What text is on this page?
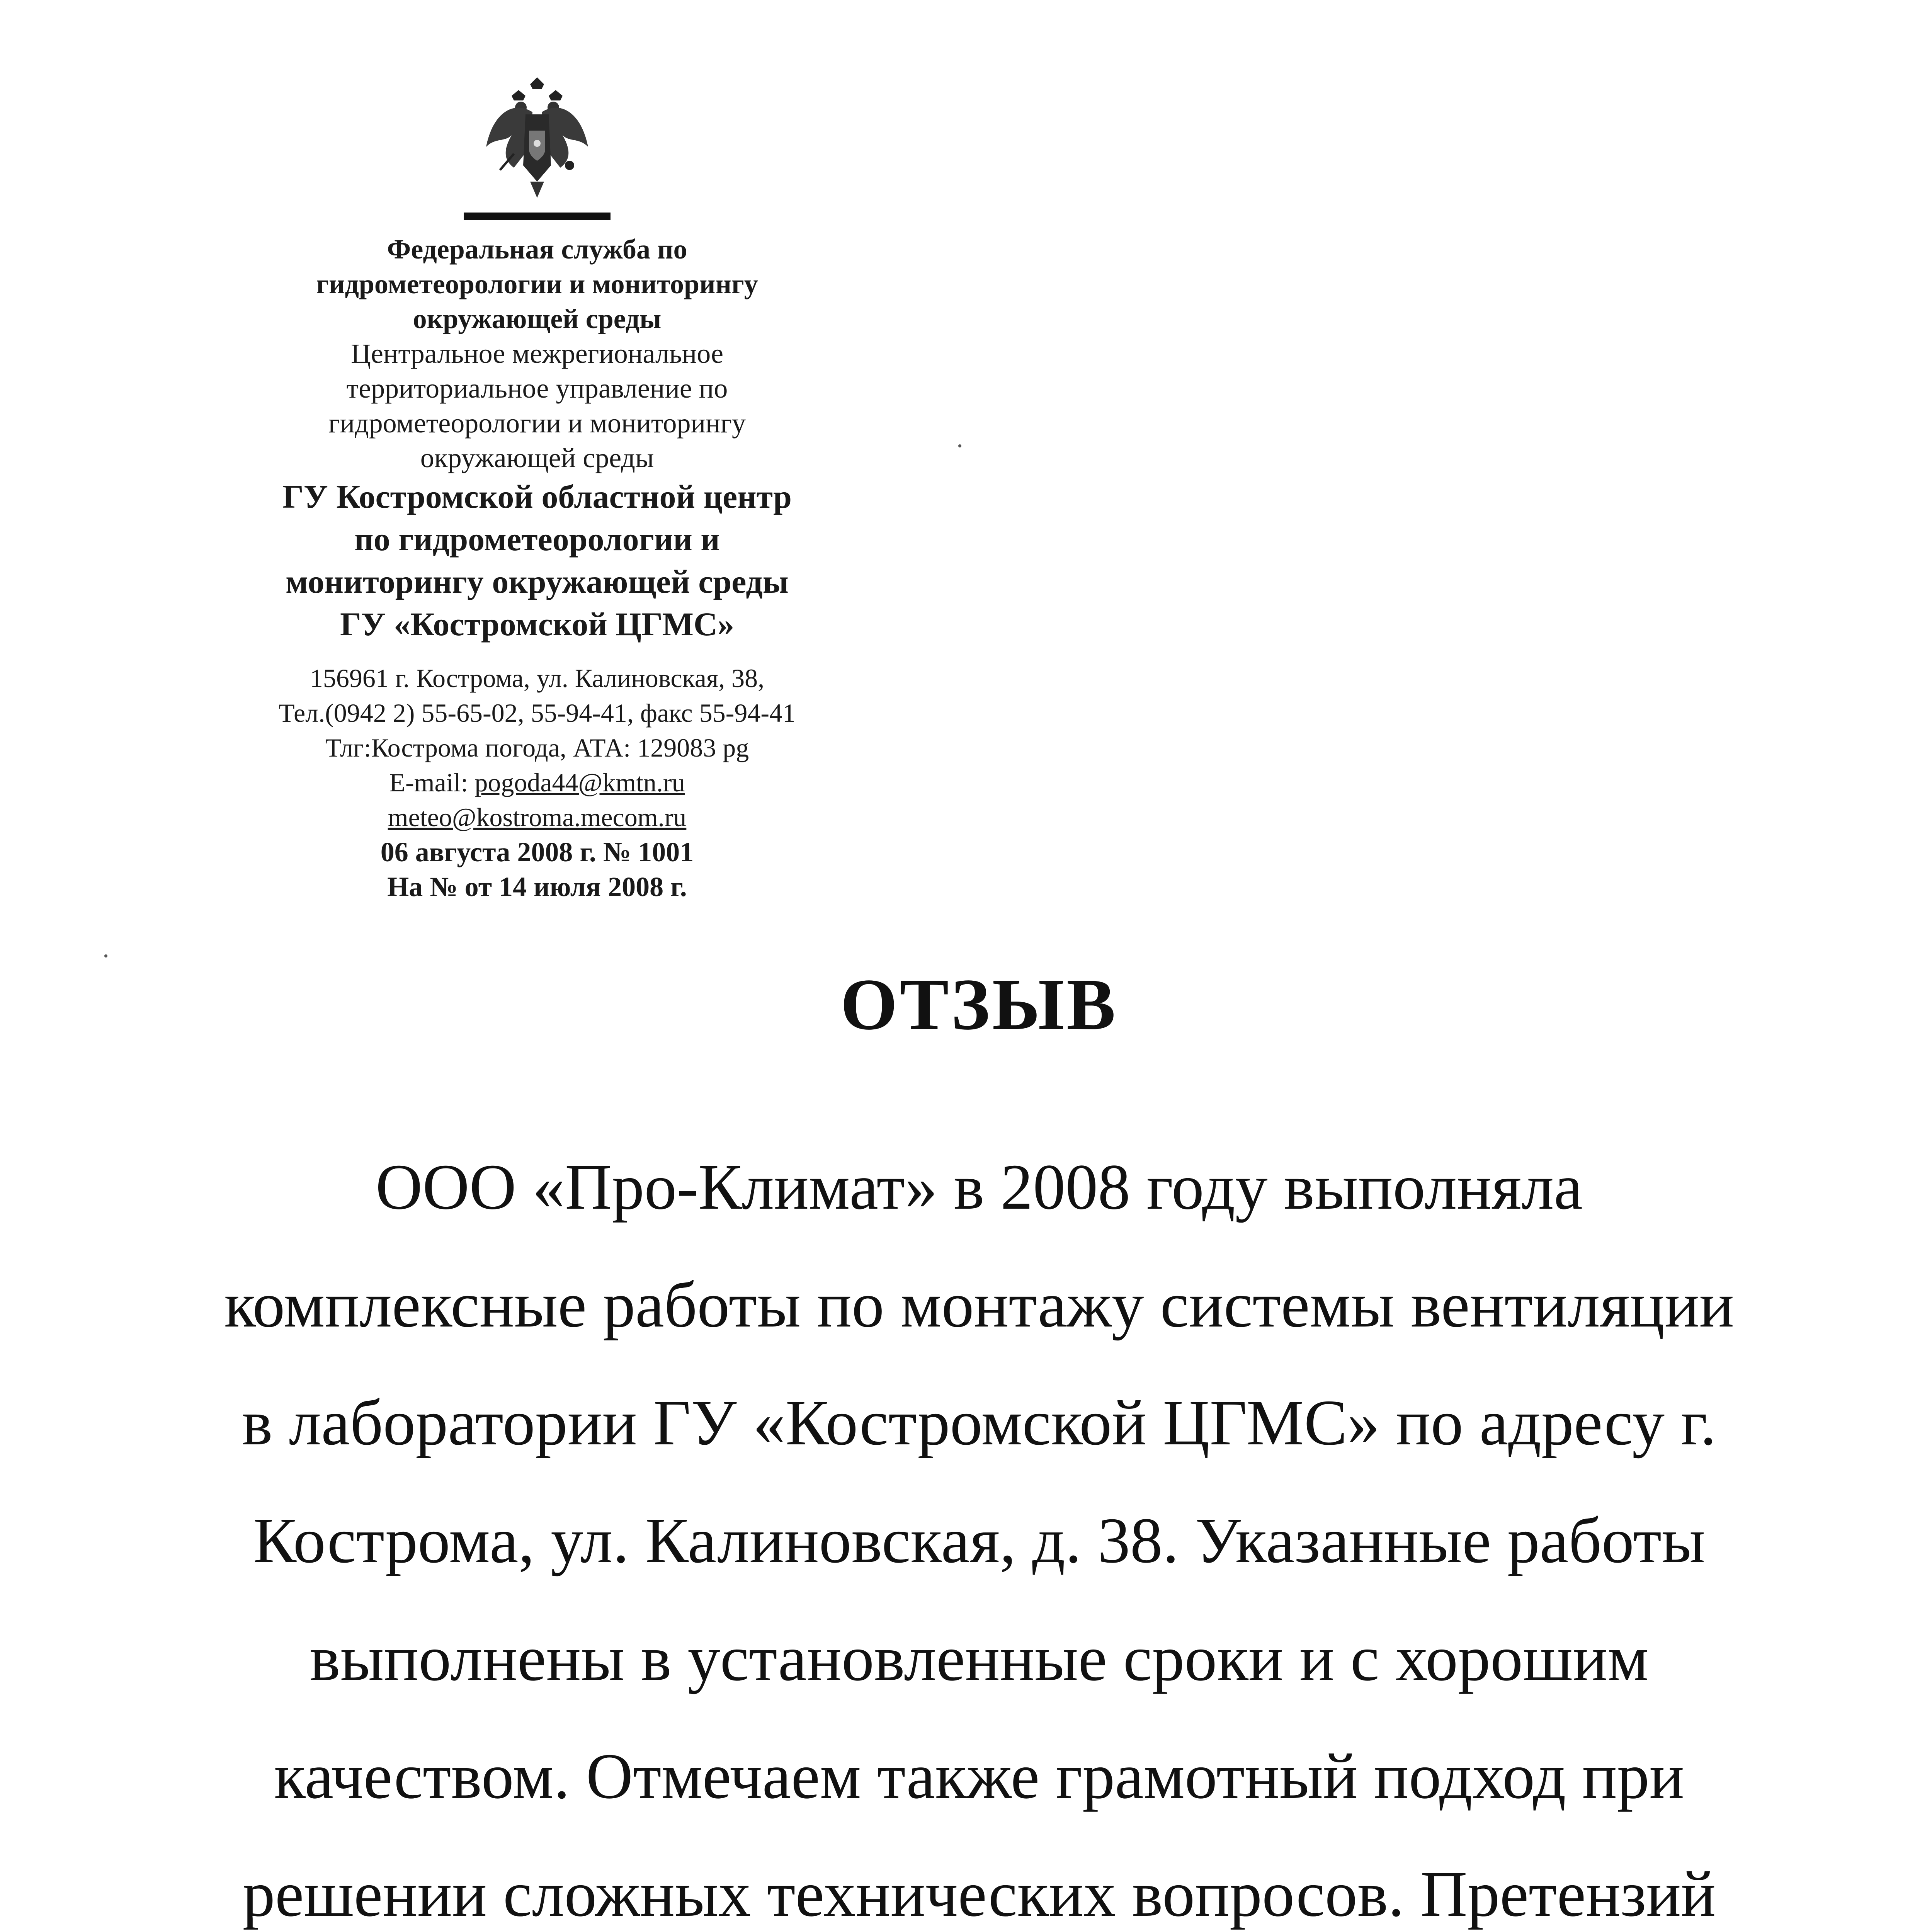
Федеральная служба по
гидрометеорологии и мониторингу
окружающей среды
Центральное межрегиональное
территориальное управление по
гидрометеорологии и мониторингу
окружающей среды
ГУ Костромской областной центр
по гидрометеорологии и
мониторингу окружающей среды
ГУ «Костромской ЦГМС»
156961 г. Кострома, ул. Калиновская, 38,
Тел.(0942 2) 55-65-02, 55-94-41, факс 55-94-41
Тлг:Кострома погода, АТА: 129083 pg
E-mail: pogoda44@kmtn.ru
meteo@kostroma.mecom.ru
06 августа 2008 г. № 1001
На № от 14 июля 2008 г.
ОТЗЫВ
ООО «Про-Климат» в 2008 году выполняла
комплексные работы по монтажу системы вентиляции
в лаборатории ГУ «Костромской ЦГМС» по адресу г.
Кострома, ул. Калиновская, д. 38. Указанные работы
выполнены в установленные сроки и с хорошим
качеством. Отмечаем также грамотный подход при
решении сложных технических вопросов. Претензий
